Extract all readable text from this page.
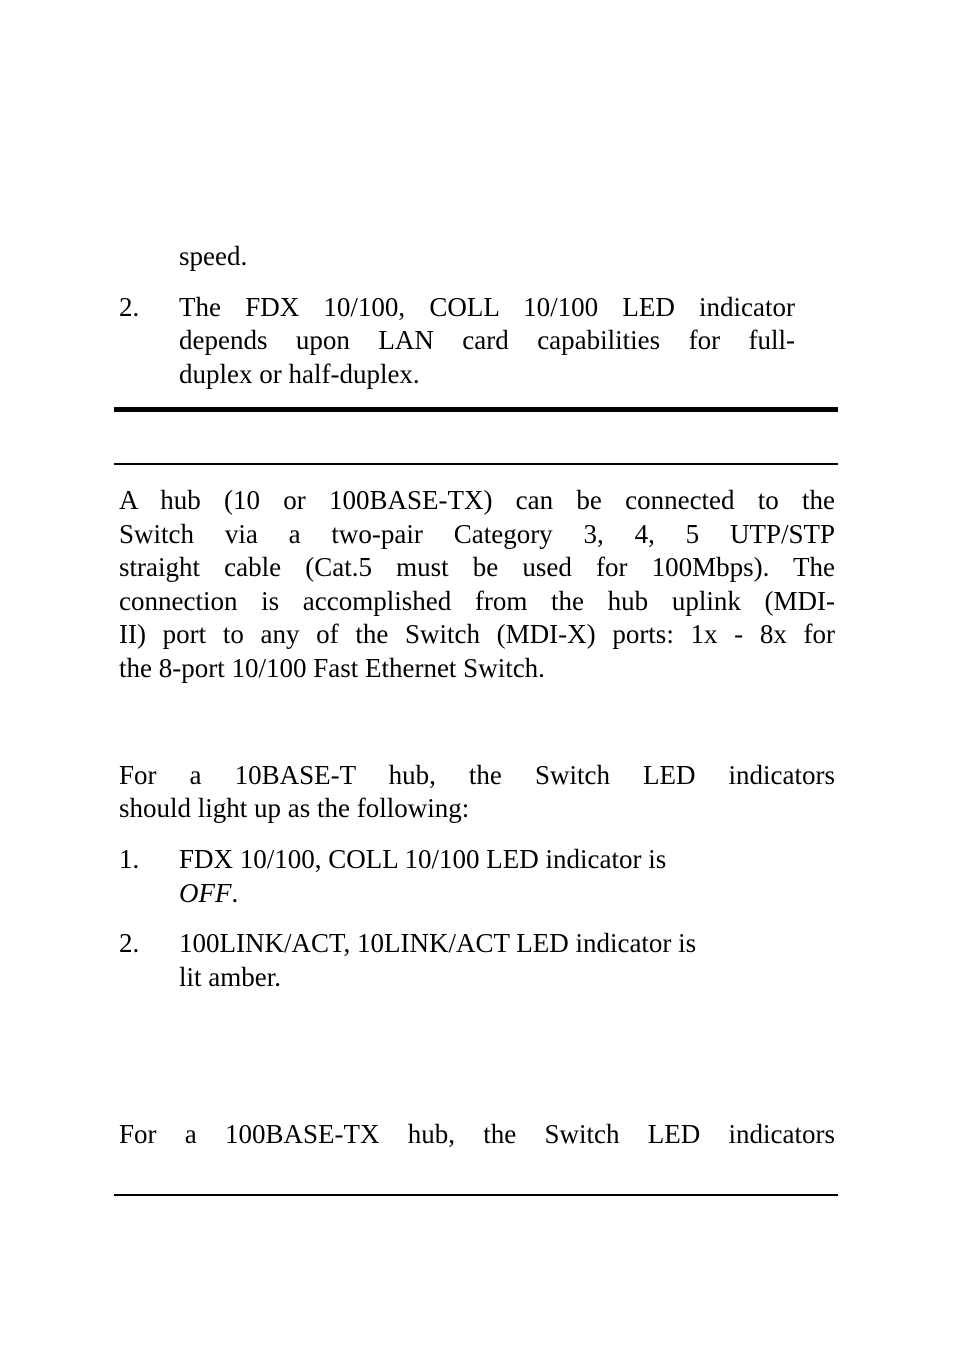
speed.
2. The FDX 10/100, COLL 10/100 LED indicator
depends upon LAN card capabilities for full-
duplex or half-duplex.
A hub (10 or 100BASE-TX) can be connected to the
Switch via a two-pair Category 3, 4, 5 UTP/STP
straight cable (Cat.5 must be used for 100Mbps). The
connection is accomplished from the hub uplink (MDI-
II) port to any of the Switch (MDI-X) ports: 1x - 8x for
the 8-port 10/100 Fast Ethernet Switch.
For a 10BASE-T hub, the Switch LED indicators
should light up as the following:
1. FDX 10/100, COLL 10/100 LED indicator is
OFF.
2. 100LINK/ACT, 10LINK/ACT LED indicator is
lit amber.
For a 100BASE-TX hub, the Switch LED indicators
